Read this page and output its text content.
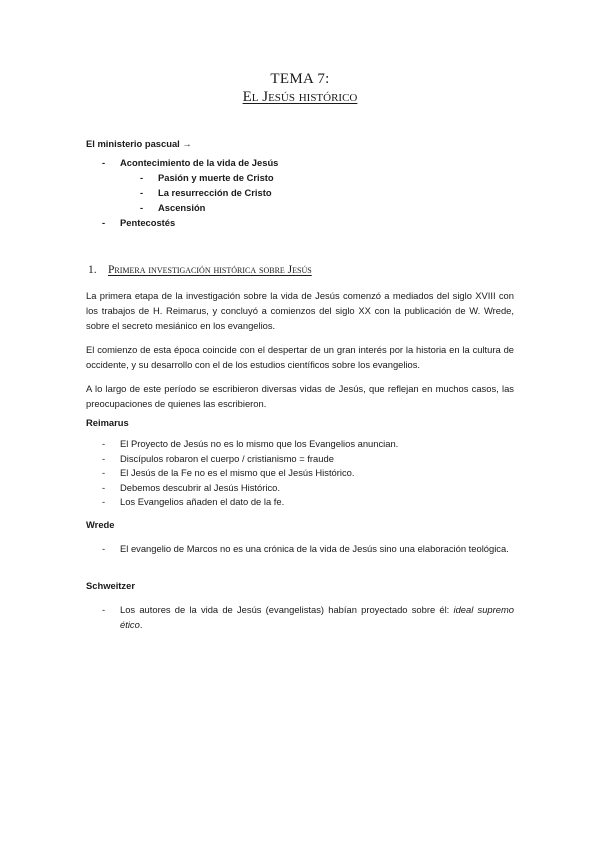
TEMA 7:
El Jesús histórico
El ministerio pascual →
- Acontecimiento de la vida de Jesús
- Pasión y muerte de Cristo
- La resurrección de Cristo
- Ascensión
- Pentecostés
1. Primera investigación histórica sobre Jesús

La primera etapa de la investigación sobre la vida de Jesús comenzó a mediados del siglo XVIII con los trabajos de H. Reimarus, y concluyó a comienzos del siglo XX con la publicación de W. Wrede, sobre el secreto mesiánico en los evangelios.

El comienzo de esta época coincide con el despertar de un gran interés por la historia en la cultura de occidente, y su desarrollo con el de los estudios científicos sobre los evangelios.

A lo largo de este período se escribieron diversas vidas de Jesús, que reflejan en muchos casos, las preocupaciones de quienes las escribieron.

Reimarus
- El Proyecto de Jesús no es lo mismo que los Evangelios anuncian.
- Discípulos robaron el cuerpo / cristianismo = fraude
- El Jesús de la Fe no es el mismo que el Jesús Histórico.
- Debemos descubrir al Jesús Histórico.
- Los Evangelios añaden el dato de la fe.
Wrede
- El evangelio de Marcos no es una crónica de la vida de Jesús sino una elaboración teológica.
Schweitzer
- Los autores de la vida de Jesús (evangelistas) habían proyectado sobre él: ideal supremo ético.
